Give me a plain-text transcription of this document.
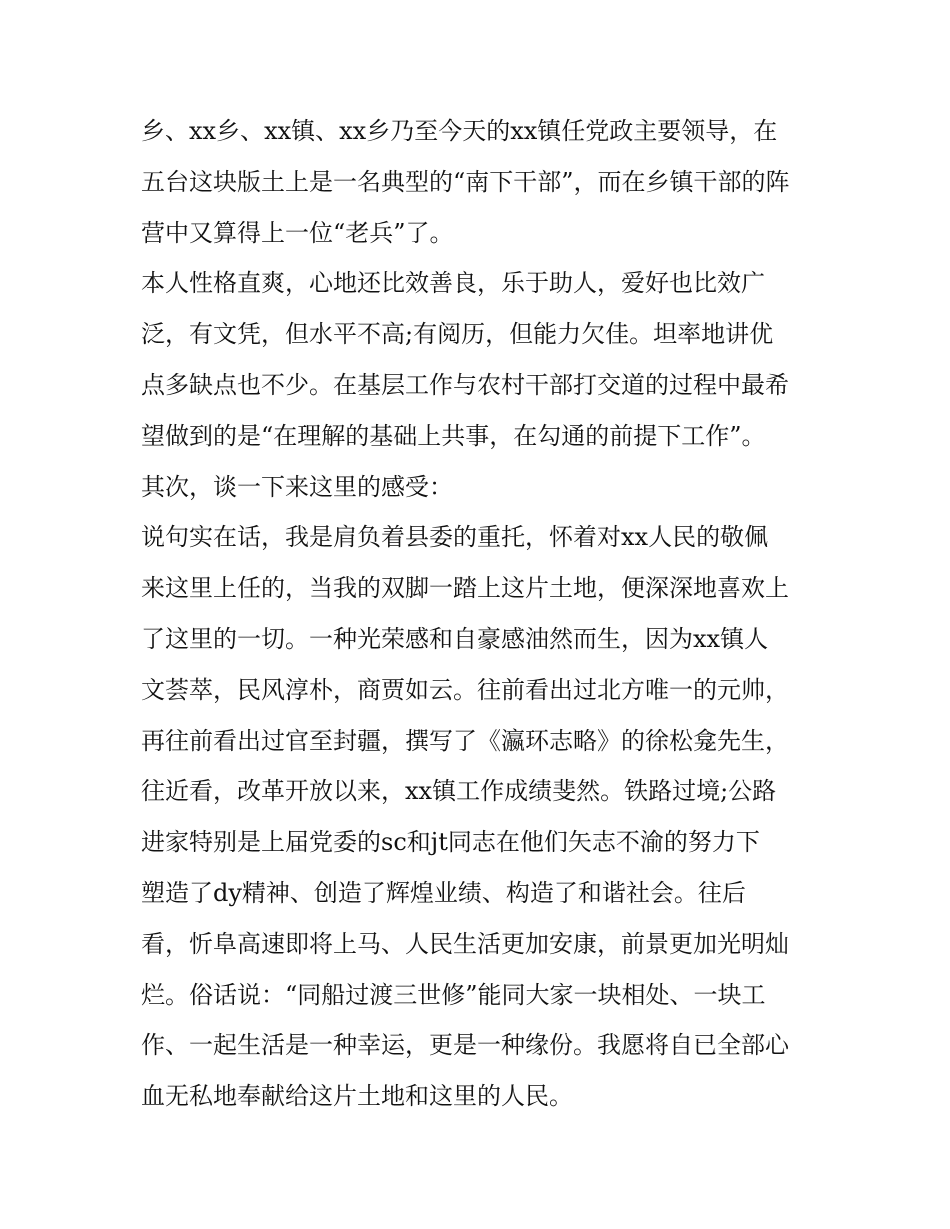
乡、xx乡、xx镇、xx乡乃至今天的xx镇任党政主要领导，在
五台这块版土上是一名典型的“南下干部”，而在乡镇干部的阵
营中又算得上一位“老兵”了。
本人性格直爽，心地还比效善良，乐于助人，爱好也比效广
泛，有文凭，但水平不高;有阅历，但能力欠佳。坦率地讲优
点多缺点也不少。在基层工作与农村干部打交道的过程中最希
望做到的是“在理解的基础上共事，在勾通的前提下工作”。
其次，谈一下来这里的感受：
说句实在话，我是肩负着县委的重托，怀着对xx人民的敬佩
来这里上任的，当我的双脚一踏上这片土地，便深深地喜欢上
了这里的一切。一种光荣感和自豪感油然而生，因为xx镇人
文荟萃，民风淳朴，商贾如云。往前看出过北方唯一的元帅，
再往前看出过官至封疆，撰写了《瀛环志略》的徐松龛先生，
往近看，改革开放以来，xx镇工作成绩斐然。铁路过境;公路
进家特别是上届党委的sc和jt同志在他们矢志不渝的努力下
塑造了dy精神、创造了辉煌业绩、构造了和谐社会。往后
看，忻阜高速即将上马、人民生活更加安康，前景更加光明灿
烂。俗话说：“同船过渡三世修”能同大家一块相处、一块工
作、一起生活是一种幸运，更是一种缘份。我愿将自已全部心
血无私地奉献给这片土地和这里的人民。
